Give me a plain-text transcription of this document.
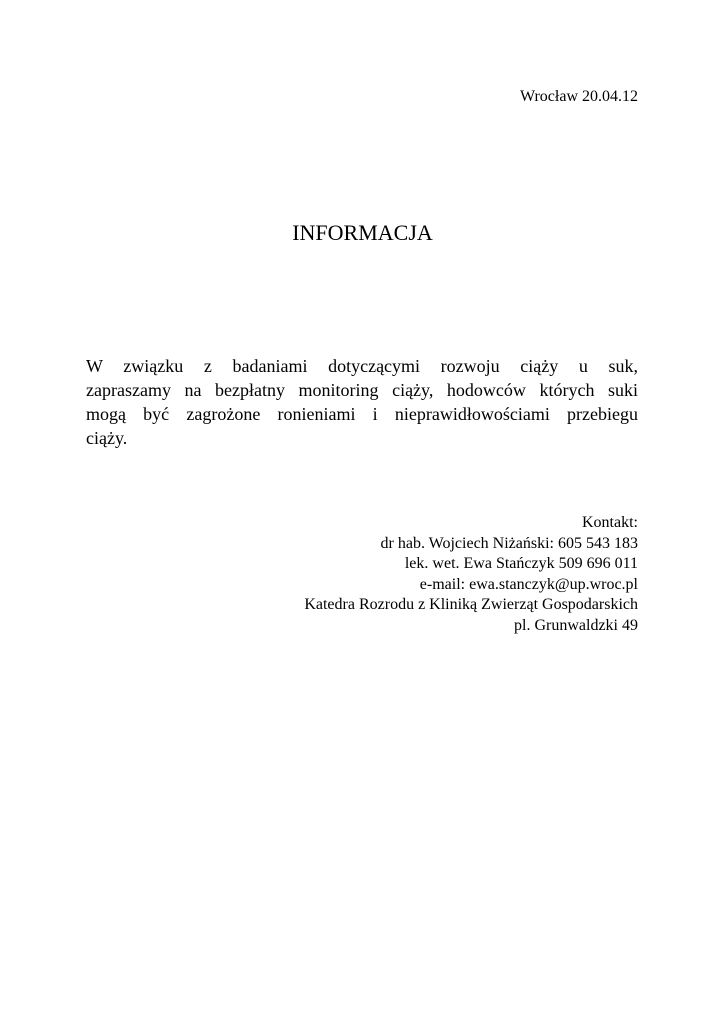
Wrocław 20.04.12
INFORMACJA
W związku z badaniami dotyczącymi rozwoju ciąży u suk,
zapraszamy na bezpłatny monitoring ciąży, hodowców których suki
mogą być zagrożone ronieniami i nieprawidłowościami przebiegu
ciąży.
Kontakt:
dr hab. Wojciech Niżański: 605 543 183
lek. wet. Ewa Stańczyk 509 696 011
e-mail: ewa.stanczyk@up.wroc.pl
Katedra Rozrodu z Kliniką Zwierząt Gospodarskich
pl. Grunwaldzki 49
